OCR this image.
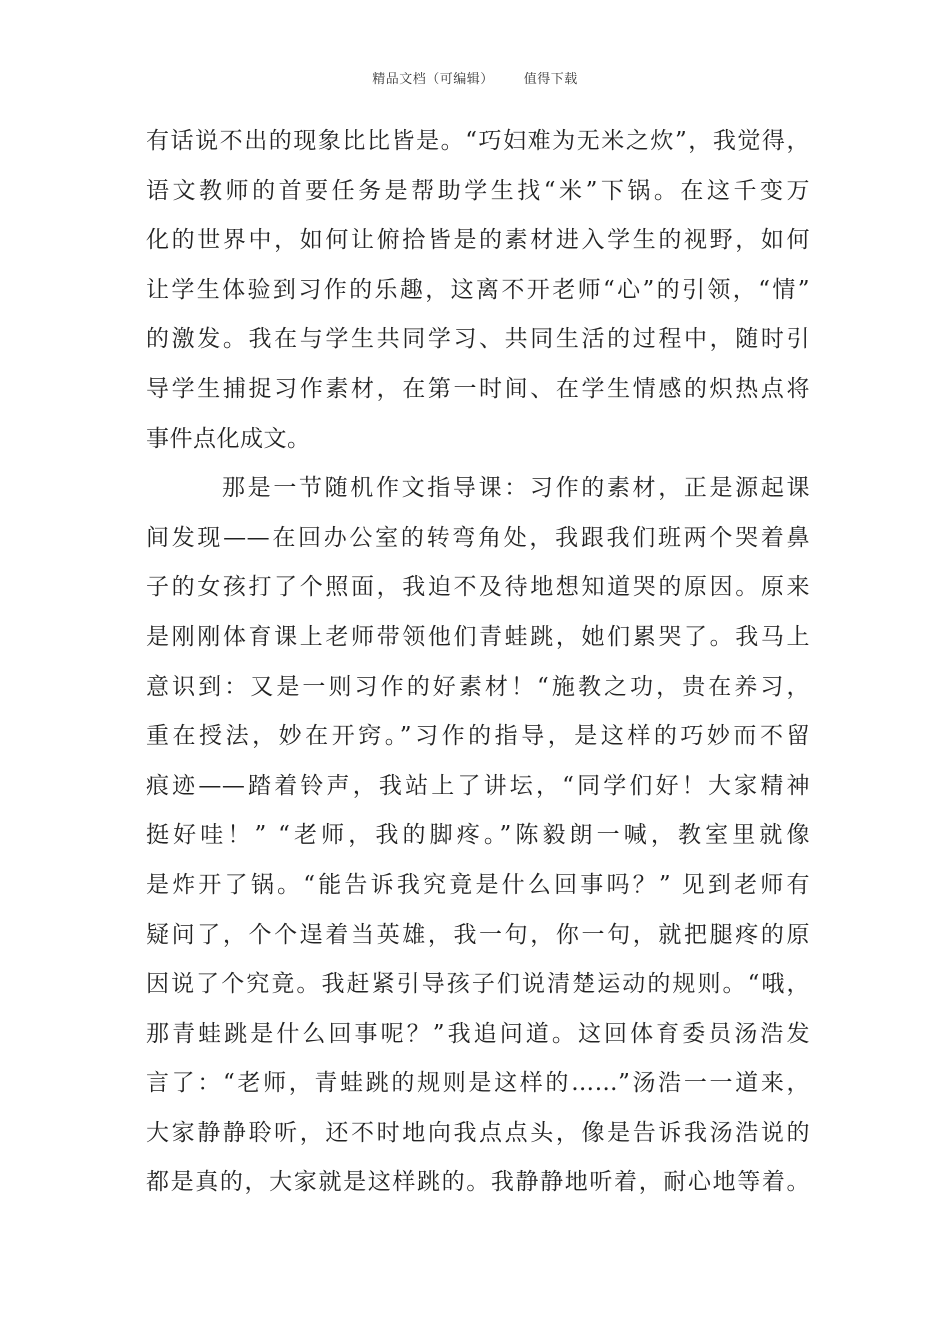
精品文档（可编辑） 值得下载
有话说不出的现象比比皆是。“巧妇难为无米之炊”，我觉得，
语文教师的首要任务是帮助学生找“米”下锅。在这千变万
化的世界中，如何让俯拾皆是的素材进入学生的视野，如何
让学生体验到习作的乐趣，这离不开老师“心”的引领，“情”
的激发。我在与学生共同学习、共同生活的过程中，随时引
导学生捕捉习作素材，在第一时间、在学生情感的炽热点将
事件点化成文。
那是一节随机作文指导课：习作的素材，正是源起课
间发现——在回办公室的转弯角处，我跟我们班两个哭着鼻
子的女孩打了个照面，我迫不及待地想知道哭的原因。原来
是刚刚体育课上老师带领他们青蛙跳，她们累哭了。我马上
意识到：又是一则习作的好素材！“施教之功，贵在养习，
重在授法，妙在开窍。”习作的指导，是这样的巧妙而不留
痕迹——踏着铃声，我站上了讲坛，“同学们好！大家精神
挺好哇！” “老师，我的脚疼。”陈毅朗一喊，教室里就像
是炸开了锅。“能告诉我究竟是什么回事吗？” 见到老师有
疑问了，个个逞着当英雄，我一句，你一句，就把腿疼的原
因说了个究竟。我赶紧引导孩子们说清楚运动的规则。“哦，
那青蛙跳是什么回事呢？”我追问道。这回体育委员汤浩发
言了：“老师，青蛙跳的规则是这样的……”汤浩一一道来，
大家静静聆听，还不时地向我点点头，像是告诉我汤浩说的
都是真的，大家就是这样跳的。我静静地听着，耐心地等着。
